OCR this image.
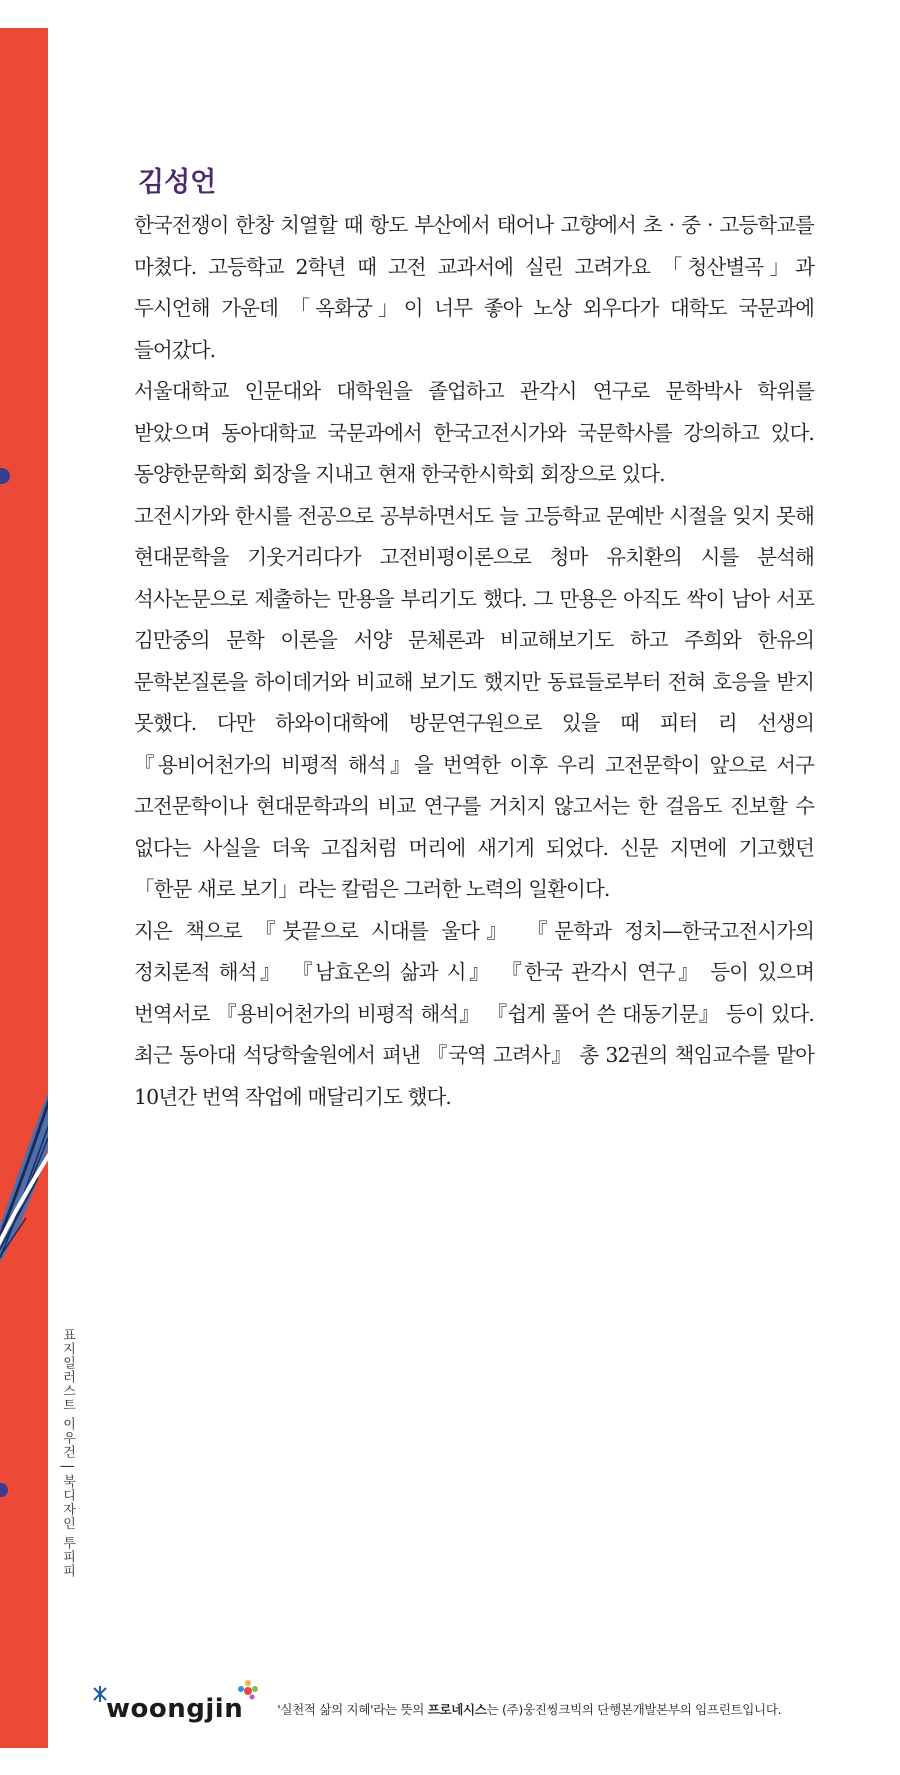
표지일러스트 이우건 | 북디자인 투피피
김성언

한국전쟁이 한창 치열할 때 항도 부산에서 태어나 고향에서 초 · 중 · 고등학교를 마쳤다. 고등학교 2학년 때 고전 교과서에 실린 고려가요 「청산별곡」과 두시언해 가운데 「옥화궁」이 너무 좋아 노상 외우다가 대학도 국문과에 들어갔다.

서울대학교 인문대와 대학원을 졸업하고 관각시 연구로 문학박사 학위를 받았으며 동아대학교 국문과에서 한국고전시가와 국문학사를 강의하고 있다. 동양한문학회 회장을 지내고 현재 한국한시학회 회장으로 있다.

고전시가와 한시를 전공으로 공부하면서도 늘 고등학교 문예반 시절을 잊지 못해 현대문학을 기웃거리다가 고전비평이론으로 청마 유치환의 시를 분석해 석사논문으로 제출하는 만용을 부리기도 했다. 그 만용은 아직도 싹이 남아 서포 김만중의 문학 이론을 서양 문체론과 비교해보기도 하고 주희와 한유의 문학본질론을 하이데거와 비교해 보기도 했지만 동료들로부터 전혀 호응을 받지 못했다. 다만 하와이대학에 방문연구원으로 있을 때 피터 리 선생의 『용비어천가의 비평적 해석』을 번역한 이후 우리 고전문학이 앞으로 서구 고전문학이나 현대문학과의 비교 연구를 거치지 않고서는 한 걸음도 진보할 수 없다는 사실을 더욱 고집처럼 머리에 새기게 되었다. 신문 지면에 기고했던 「한문 새로 보기」라는 칼럼은 그러한 노력의 일환이다.

지은 책으로 『붓끝으로 시대를 울다』 『문학과 정치—한국고전시가의 정치론적 해석』 『남효온의 삶과 시』 『한국 관각시 연구』 등이 있으며 번역서로 『용비어천가의 비평적 해석』 『쉽게 풀어 쓴 대동기문』 등이 있다. 최근 동아대 석당학술원에서 펴낸 『국역 고려사』 총 32권의 책임교수를 맡아 10년간 번역 작업에 매달리기도 했다.

woongjin	'실천적 삶의 지혜'라는 뜻의 프로네시스는 (주)웅진씽크빅의 단행본개발본부의 임프린트입니다.
